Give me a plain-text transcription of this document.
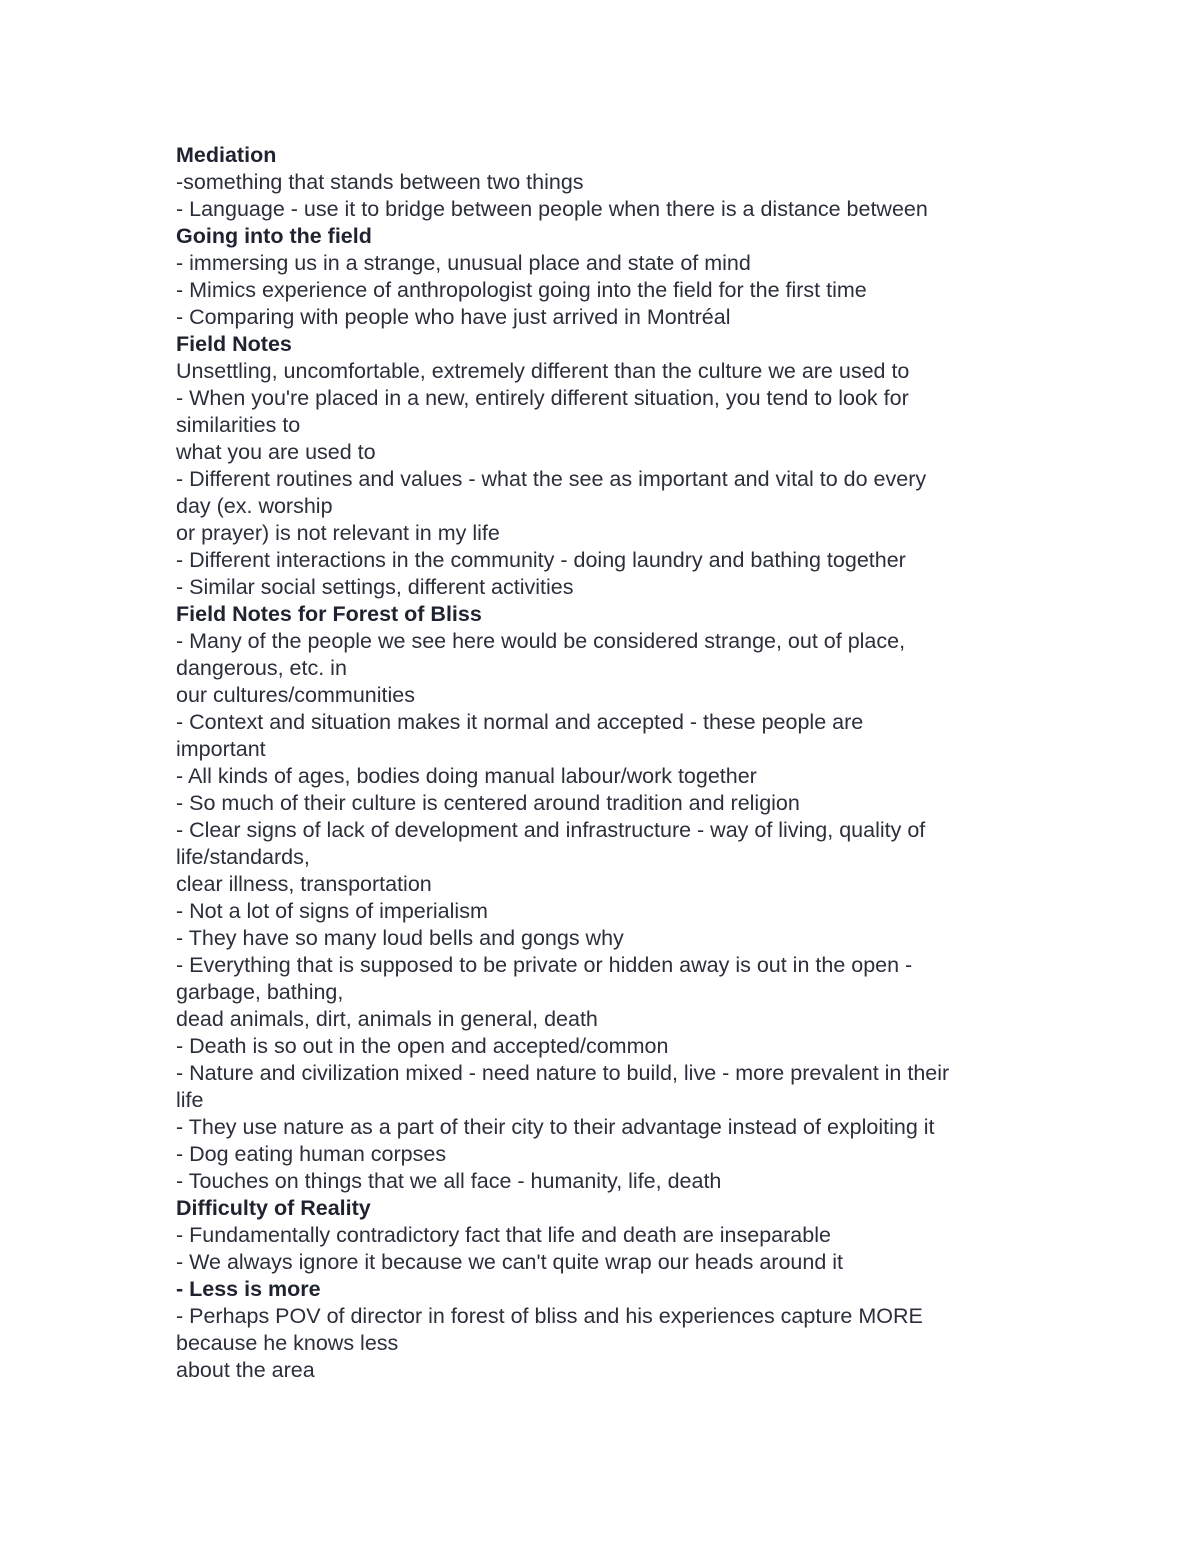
Mediation
-something that stands between two things
- Language - use it to bridge between people when there is a distance between
Going into the field
- immersing us in a strange, unusual place and state of mind
- Mimics experience of anthropologist going into the field for the first time
- Comparing with people who have just arrived in Montréal
Field Notes
Unsettling, uncomfortable, extremely different than the culture we are used to
- When you're placed in a new, entirely different situation, you tend to look for
similarities to
what you are used to
- Different routines and values - what the see as important and vital to do every
day (ex. worship
or prayer) is not relevant in my life
- Different interactions in the community - doing laundry and bathing together
- Similar social settings, different activities
Field Notes for Forest of Bliss
- Many of the people we see here would be considered strange, out of place,
dangerous, etc. in
our cultures/communities
- Context and situation makes it normal and accepted - these people are
important
- All kinds of ages, bodies doing manual labour/work together
- So much of their culture is centered around tradition and religion
- Clear signs of lack of development and infrastructure - way of living, quality of
life/standards,
clear illness, transportation
- Not a lot of signs of imperialism
- They have so many loud bells and gongs why
- Everything that is supposed to be private or hidden away is out in the open -
garbage, bathing,
dead animals, dirt, animals in general, death
- Death is so out in the open and accepted/common
- Nature and civilization mixed - need nature to build, live - more prevalent in their
life
- They use nature as a part of their city to their advantage instead of exploiting it
- Dog eating human corpses
- Touches on things that we all face - humanity, life, death
Difficulty of Reality
- Fundamentally contradictory fact that life and death are inseparable
- We always ignore it because we can't quite wrap our heads around it
- Less is more
- Perhaps POV of director in forest of bliss and his experiences capture MORE
because he knows less
about the area
